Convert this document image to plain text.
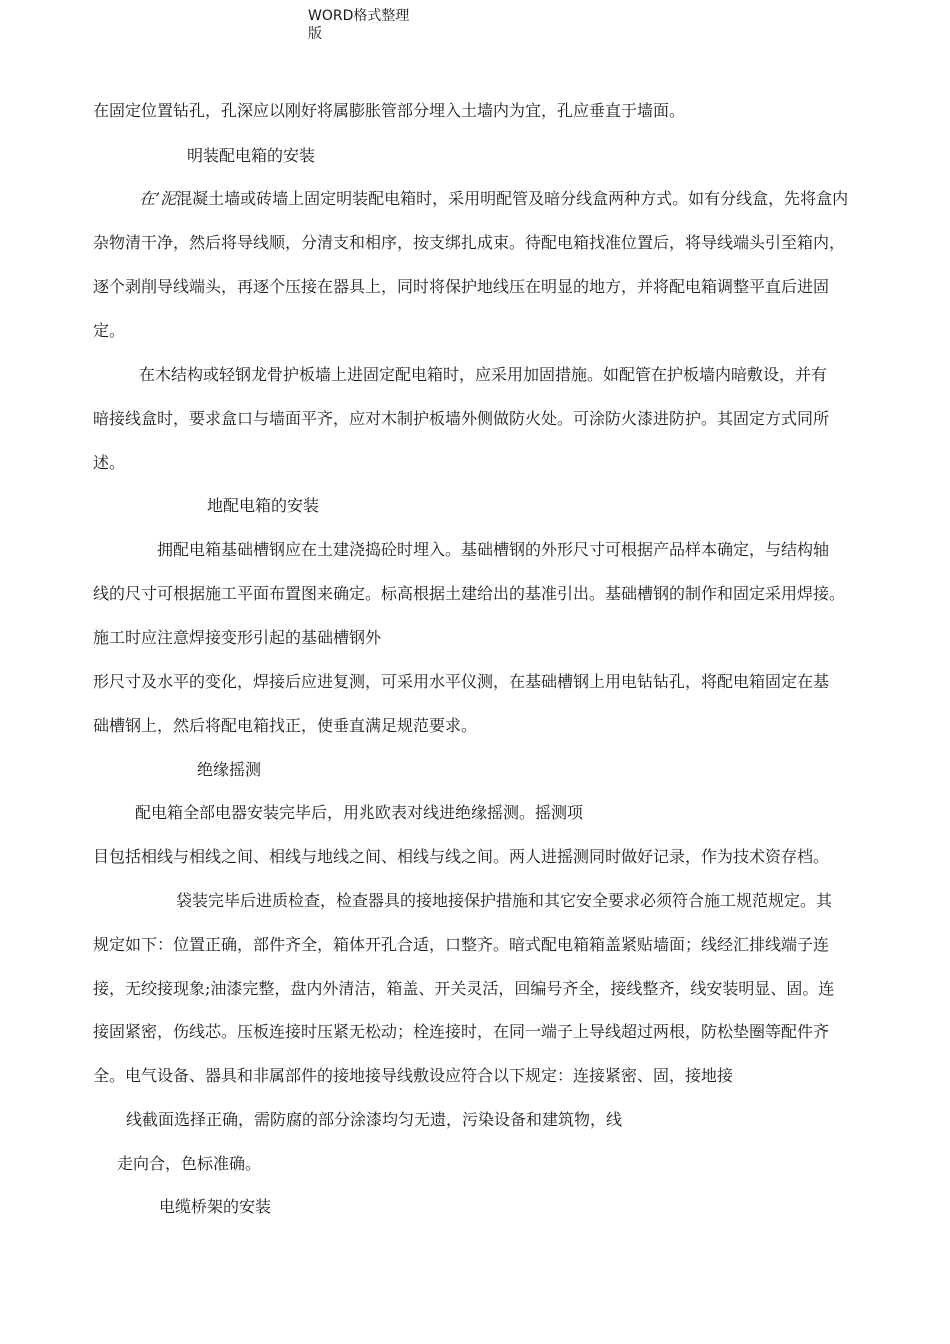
WORD格式整理
版

在固定位置钻孔，孔深应以刚好将属膨胀管部分埋入土墙内为宜，孔应垂直于墙面。

明装配电箱的安装

在’泥混凝土墙或砖墙上固定明装配电箱时，采用明配管及暗分线盒两种方式。如有分线盒，先将盒内

杂物清干净，然后将导线顺，分清支和相序，按支绑扎成束。待配电箱找准位置后，将导线端头引至箱内，

逐个剥削导线端头，再逐个压接在器具上，同时将保护地线压在明显的地方，并将配电箱调整平直后进固

定。

在木结构或轻钢龙骨护板墙上进固定配电箱时，应采用加固措施。如配管在护板墙内暗敷设，并有

暗接线盒时，要求盒口与墙面平齐，应对木制护板墙外侧做防火处。可涂防火漆进防护。其固定方式同所

述。

地配电箱的安装

拥配电箱基础槽钢应在土建浇捣砼时埋入。基础槽钢的外形尺寸可根据产品样本确定，与结构轴

线的尺寸可根据施工平面布置图来确定。标高根据土建给出的基准引出。基础槽钢的制作和固定采用焊接。

施工时应注意焊接变形引起的基础槽钢外

形尺寸及水平的变化，焊接后应进复测，可采用水平仪测，在基础槽钢上用电钻钻孔，将配电箱固定在基

础槽钢上，然后将配电箱找正，使垂直满足规范要求。

绝缘摇测

配电箱全部电器安装完毕后，用兆欧表对线进绝缘摇测。摇测项

目包括相线与相线之间、相线与地线之间、相线与线之间。两人进摇测同时做好记录，作为技术资存档。

袋装完毕后进质检查，检查器具的接地接保护措施和其它安全要求必须符合施工规范规定。其

规定如下：位置正确，部件齐全，箱体开孔合适，口整齐。暗式配电箱箱盖紧贴墙面；线经汇排线端子连

接，无绞接现象;油漆完整，盘内外清洁，箱盖、开关灵活，回编号齐全，接线整齐，线安装明显、固。连

接固紧密，伤线芯。压板连接时压紧无松动；栓连接时，在同一端子上导线超过两根，防松垫圈等配件齐

全。电气设备、器具和非属部件的接地接导线敷设应符合以下规定：连接紧密、固，接地接

线截面选择正确，需防腐的部分涂漆均匀无遗，污染设备和建筑物，线

走向合，色标准确。

电缆桥架的安装
